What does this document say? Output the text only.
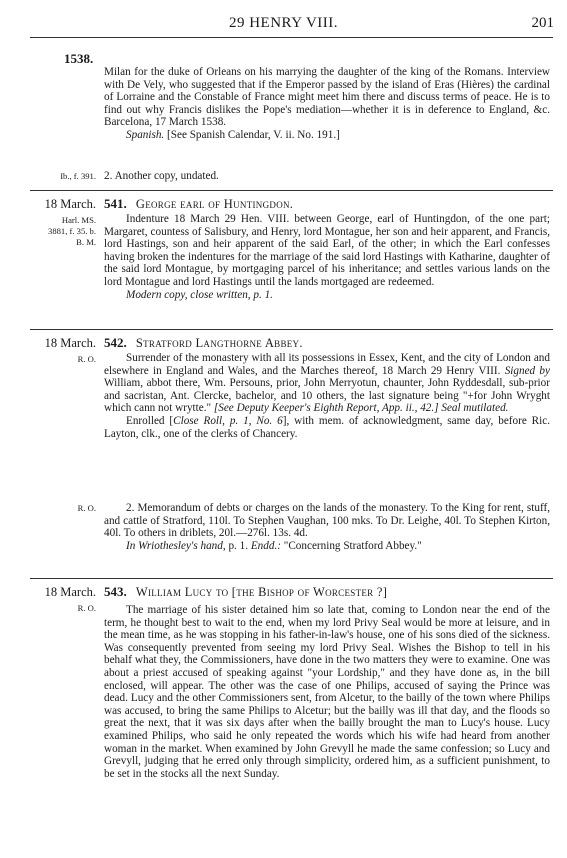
29 HENRY VIII.	201
1538.

Milan for the duke of Orleans on his marrying the daughter of the king of the Romans. Interview with De Vely, who suggested that if the Emperor passed by the island of Eras (Hières) the cardinal of Lorraine and the Constable of France might meet him there and discuss terms of peace. He is to find out why Francis dislikes the Pope's mediation—whether it is in deference to England, &c. Barcelona, 17 March 1538.

Spanish. [See Spanish Calendar, V. ii. No. 191.]

Ib., f. 391. 2. Another copy, undated.
18 March.
Harl. MS.
3881, f. 35. b.
B. M.
541. George earl of Huntingdon.

Indenture 18 March 29 Hen. VIII. between George, earl of Huntingdon, of the one part; Margaret, countess of Salisbury, and Henry, lord Montague, her son and heir apparent, and Francis, lord Hastings, son and heir apparent of the said Earl, of the other; in which the Earl confesses having broken the indentures for the marriage of the said lord Hastings with Katharine, daughter of the said lord Montague, by mortgaging parcel of his inheritance; and settles various lands on the lord Montague and lord Hastings until the lands mortgaged are redeemed.

Modern copy, close written, p. 1.

18 March.
R. O.
542. Stratford Langthorne Abbey.

Surrender of the monastery with all its possessions in Essex, Kent, and the city of London and elsewhere in England and Wales, and the Marches thereof, 18 March 29 Henry VIII. Signed by William, abbot there, Wm. Persouns, prior, John Merryotun, chaunter, John Ryddesdall, sub-prior and sacristan, Ant. Clercke, bachelor, and 10 others, the last signature being "+for John Wryght which cann not wrytte." [See Deputy Keeper's Eighth Report, App. ii., 42.] Seal mutilated.

Enrolled [Close Roll, p. 1, No. 6], with mem. of acknowledgment, same day, before Ric. Layton, clk., one of the clerks of Chancery.

R. O.	2. Memorandum of debts or charges on the lands of the monastery. To the King for rent, stuff, and cattle of Stratford, 110l. To Stephen Vaughan, 100 mks. To Dr. Leighe, 40l. To Stephen Kirton, 40l. To others in driblets, 20l.—276l. 13s. 4d.

In Wriothesley's hand, p. 1. Endd.: "Concerning Stratford Abbey."

18 March.
R. O.
543. William Lucy to [the Bishop of Worcester ?]

The marriage of his sister detained him so late that, coming to London near the end of the term, he thought best to wait to the end, when my lord Privy Seal would be more at leisure, and in the mean time, as he was stopping in his father-in-law's house, one of his sons died of the sickness. Was consequently prevented from seeing my lord Privy Seal. Wishes the Bishop to tell in his behalf what they, the Commissioners, have done in the two matters they were to examine. One was about a priest accused of speaking against "your Lordship," and they have done as, in the bill enclosed, will appear. The other was the case of one Philips, accused of saying the Prince was dead. Lucy and the other Commissioners sent, from Alcetur, to the bailly of the town where Philips was accused, to bring the same Philips to Alcetur; but the bailly was ill that day, and the floods so great the next, that it was six days after when the bailly brought the man to Lucy's house. Lucy examined Philips, who said he only repeated the words which his wife had heard from another woman in the market. When examined by John Grevyll he made the same confession; so Lucy and Grevyll, judging that he erred only through simplicity, ordered him, as a sufficient punishment, to be set in the stocks all the next Sunday.
